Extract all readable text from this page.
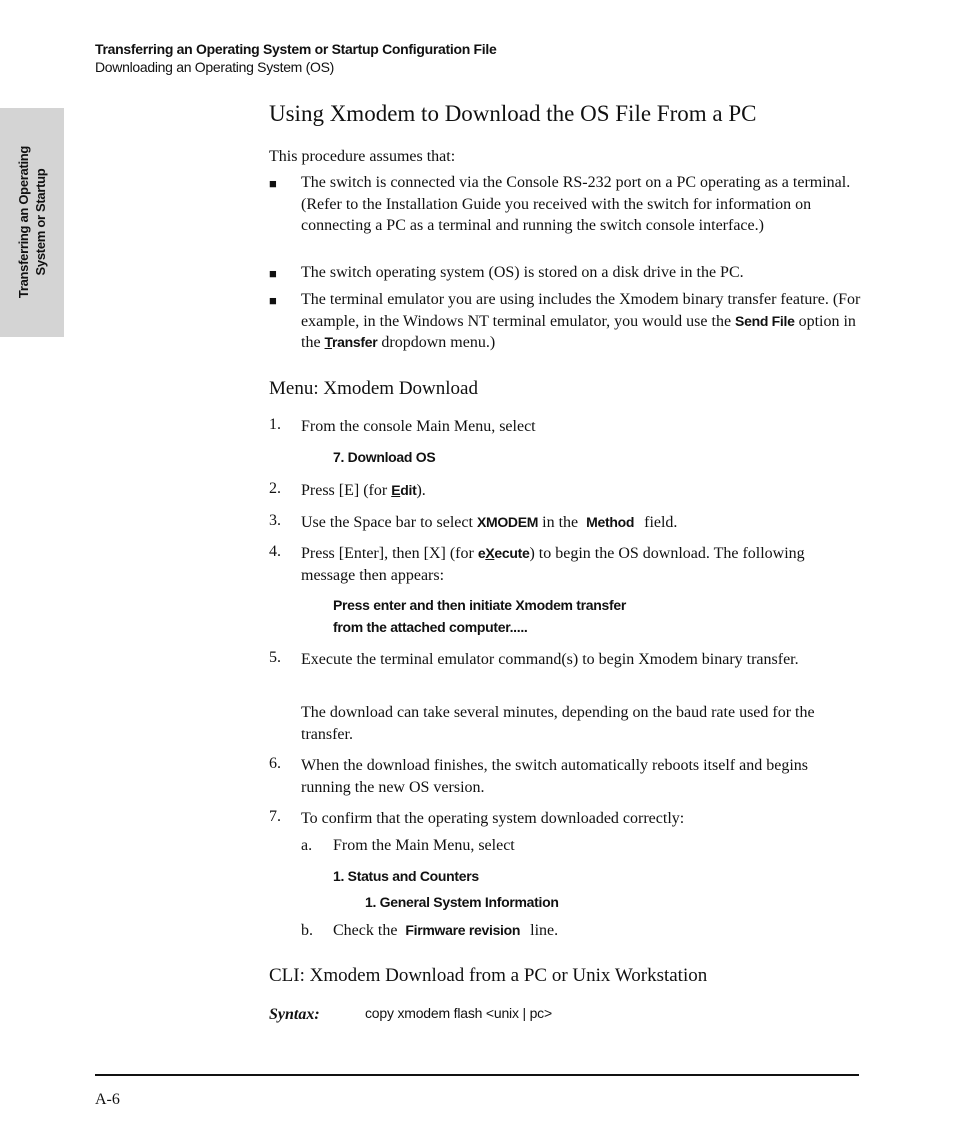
Transferring an Operating System or Startup Configuration File
Downloading an Operating System (OS)
Transferring an Operating System or Startup
Using Xmodem to Download the OS File From a PC
This procedure assumes that:
■ The switch is connected via the Console RS-232 port on a PC operating as a terminal. (Refer to the Installation Guide you received with the switch for information on connecting a PC as a terminal and running the switch console interface.)
■ The switch operating system (OS) is stored on a disk drive in the PC.
■ The terminal emulator you are using includes the Xmodem binary transfer feature. (For example, in the Windows NT terminal emulator, you would use the Send File option in the Transfer dropdown menu.)
Menu: Xmodem Download
1. From the console Main Menu, select
7. Download OS
2. Press [E] (for Edit).
3. Use the Space bar to select XMODEM in the Method field.
4. Press [Enter], then [X] (for eXecute) to begin the OS download. The following message then appears:
Press enter and then initiate Xmodem transfer
from the attached computer.....
5. Execute the terminal emulator command(s) to begin Xmodem binary transfer.
The download can take several minutes, depending on the baud rate used for the transfer.
6. When the download finishes, the switch automatically reboots itself and begins running the new OS version.
7. To confirm that the operating system downloaded correctly:
a. From the Main Menu, select
1. Status and Counters
1. General System Information
b. Check the Firmware revision line.
CLI: Xmodem Download from a PC or Unix Workstation
Syntax:	copy xmodem flash <unix | pc>
A-6
